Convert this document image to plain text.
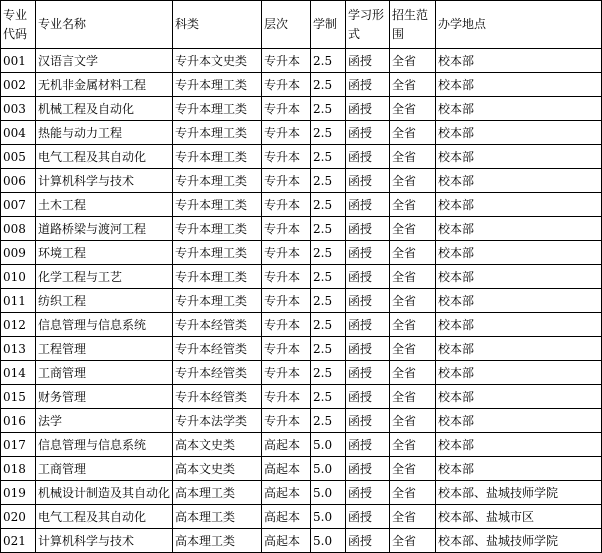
专业代码	专业名称	科类	层次	学制	学习形式	招生范围	办学地点
001	汉语言文学	专升本文史类	专升本	2.5	函授	全省	校本部
002	无机非金属材料工程	专升本理工类	专升本	2.5	函授	全省	校本部
003	机械工程及自动化	专升本理工类	专升本	2.5	函授	全省	校本部
004	热能与动力工程	专升本理工类	专升本	2.5	函授	全省	校本部
005	电气工程及其自动化	专升本理工类	专升本	2.5	函授	全省	校本部
006	计算机科学与技术	专升本理工类	专升本	2.5	函授	全省	校本部
007	土木工程	专升本理工类	专升本	2.5	函授	全省	校本部
008	道路桥梁与渡河工程	专升本理工类	专升本	2.5	函授	全省	校本部
009	环境工程	专升本理工类	专升本	2.5	函授	全省	校本部
010	化学工程与工艺	专升本理工类	专升本	2.5	函授	全省	校本部
011	纺织工程	专升本理工类	专升本	2.5	函授	全省	校本部
012	信息管理与信息系统	专升本经管类	专升本	2.5	函授	全省	校本部
013	工程管理	专升本经管类	专升本	2.5	函授	全省	校本部
014	工商管理	专升本经管类	专升本	2.5	函授	全省	校本部
015	财务管理	专升本经管类	专升本	2.5	函授	全省	校本部
016	法学	专升本法学类	专升本	2.5	函授	全省	校本部
017	信息管理与信息系统	高本文史类	高起本	5.0	函授	全省	校本部
018	工商管理	高本文史类	高起本	5.0	函授	全省	校本部
019	机械设计制造及其自动化	高本理工类	高起本	5.0	函授	全省	校本部、盐城技师学院
020	电气工程及其自动化	高本理工类	高起本	5.0	函授	全省	校本部、盐城市区
021	计算机科学与技术	高本理工类	高起本	5.0	函授	全省	校本部、盐城技师学院
